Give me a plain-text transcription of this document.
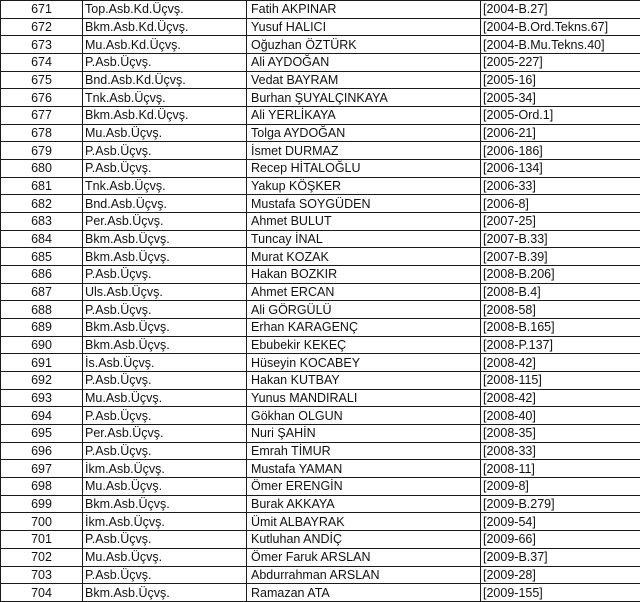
671	Top.Asb.Kd.Üçvş.	Fatih AKPINAR	[2004-B.27]
672	Bkm.Asb.Kd.Üçvş.	Yusuf HALICI	[2004-B.Ord.Tekns.67]
673	Mu.Asb.Kd.Üçvş.	Oğuzhan ÖZTÜRK	[2004-B.Mu.Tekns.40]
674	P.Asb.Üçvş.	Ali AYDOĞAN	[2005-227]
675	Bnd.Asb.Kd.Üçvş.	Vedat BAYRAM	[2005-16]
676	Tnk.Asb.Üçvş.	Burhan ŞUYALÇINKAYA	[2005-34]
677	Bkm.Asb.Kd.Üçvş.	Ali YERLİKAYA	[2005-Ord.1]
678	Mu.Asb.Üçvş.	Tolga AYDOĞAN	[2006-21]
679	P.Asb.Üçvş.	İsmet DURMAZ	[2006-186]
680	P.Asb.Üçvş.	Recep HİTALOĞLU	[2006-134]
681	Tnk.Asb.Üçvş.	Yakup KÖŞKER	[2006-33]
682	Bnd.Asb.Üçvş.	Mustafa SOYGÜDEN	[2006-8]
683	Per.Asb.Üçvş.	Ahmet BULUT	[2007-25]
684	Bkm.Asb.Üçvş.	Tuncay İNAL	[2007-B.33]
685	Bkm.Asb.Üçvş.	Murat KOZAK	[2007-B.39]
686	P.Asb.Üçvş.	Hakan BOZKIR	[2008-B.206]
687	Uls.Asb.Üçvş.	Ahmet ERCAN	[2008-B.4]
688	P.Asb.Üçvş.	Ali GÖRGÜLÜ	[2008-58]
689	Bkm.Asb.Üçvş.	Erhan KARAGENÇ	[2008-B.165]
690	Bkm.Asb.Üçvş.	Ebubekir KEKEÇ	[2008-P.137]
691	İs.Asb.Üçvş.	Hüseyin KOCABEY	[2008-42]
692	P.Asb.Üçvş.	Hakan KUTBAY	[2008-115]
693	Mu.Asb.Üçvş.	Yunus MANDIRALI	[2008-42]
694	P.Asb.Üçvş.	Gökhan OLGUN	[2008-40]
695	Per.Asb.Üçvş.	Nuri ŞAHİN	[2008-35]
696	P.Asb.Üçvş.	Emrah TİMUR	[2008-33]
697	İkm.Asb.Üçvş.	Mustafa YAMAN	[2008-11]
698	Mu.Asb.Üçvş.	Ömer ERENGİN	[2009-8]
699	Bkm.Asb.Üçvş.	Burak AKKAYA	[2009-B.279]
700	İkm.Asb.Üçvş.	Ümit ALBAYRAK	[2009-54]
701	P.Asb.Üçvş.	Kutluhan ANDİÇ	[2009-66]
702	Mu.Asb.Üçvş.	Ömer Faruk ARSLAN	[2009-B.37]
703	P.Asb.Üçvş.	Abdurrahman ARSLAN	[2009-28]
704	Bkm.Asb.Üçvş.	Ramazan ATA	[2009-155]
